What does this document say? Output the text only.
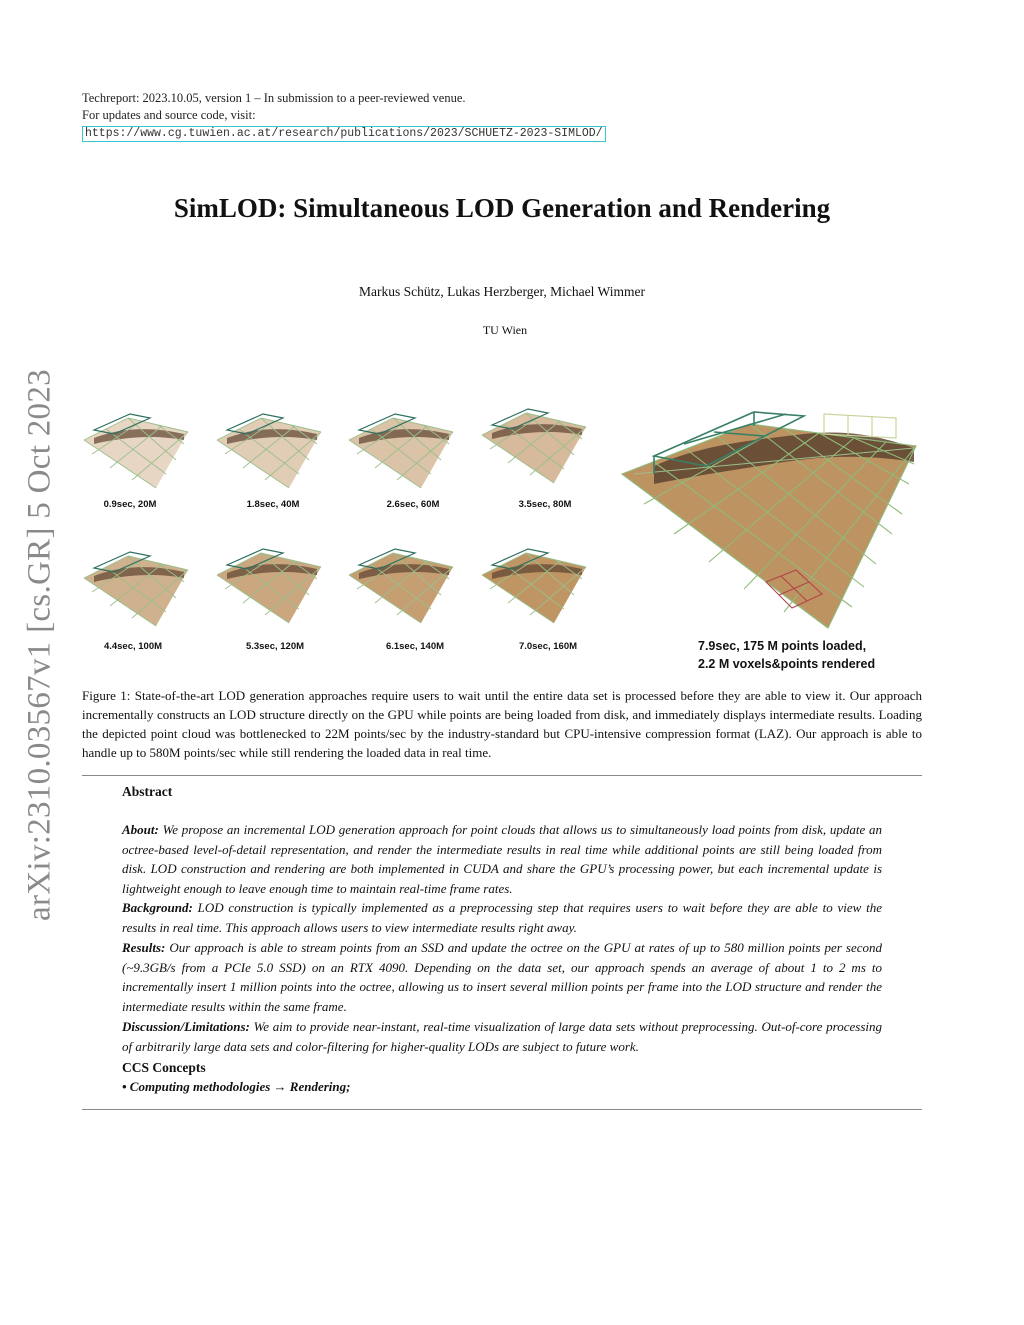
Techreport: 2023.10.05, version 1 – In submission to a peer-reviewed venue.
For updates and source code, visit:
https://www.cg.tuwien.ac.at/research/publications/2023/SCHUETZ-2023-SIMLOD/
arXiv:2310.03567v1 [cs.GR] 5 Oct 2023
SimLOD: Simultaneous LOD Generation and Rendering
Markus Schütz, Lukas Herzberger, Michael Wimmer
TU Wien
0.9sec, 20M	1.8sec, 40M	2.6sec, 60M	3.5sec, 80M
4.4sec, 100M	5.3sec, 120M	6.1sec, 140M	7.0sec, 160M	7.9sec, 175 M points loaded,
2.2 M voxels&points rendered
Figure 1: State-of-the-art LOD generation approaches require users to wait until the entire data set is processed before they are able to view it. Our approach incrementally constructs an LOD structure directly on the GPU while points are being loaded from disk, and immediately displays intermediate results. Loading the depicted point cloud was bottlenecked to 22M points/sec by the industry-standard but CPU-intensive compression format (LAZ). Our approach is able to handle up to 580M points/sec while still rendering the loaded data in real time.
Abstract
About: We propose an incremental LOD generation approach for point clouds that allows us to simultaneously load points from disk, update an octree-based level-of-detail representation, and render the intermediate results in real time while additional points are still being loaded from disk. LOD construction and rendering are both implemented in CUDA and share the GPU’s processing power, but each incremental update is lightweight enough to leave enough time to maintain real-time frame rates.
Background: LOD construction is typically implemented as a preprocessing step that requires users to wait before they are able to view the results in real time. This approach allows users to view intermediate results right away.
Results: Our approach is able to stream points from an SSD and update the octree on the GPU at rates of up to 580 million points per second (~9.3GB/s from a PCIe 5.0 SSD) on an RTX 4090. Depending on the data set, our approach spends an average of about 1 to 2 ms to incrementally insert 1 million points into the octree, allowing us to insert several million points per frame into the LOD structure and render the intermediate results within the same frame.
Discussion/Limitations: We aim to provide near-instant, real-time visualization of large data sets without preprocessing. Out-of-core processing of arbitrarily large data sets and color-filtering for higher-quality LODs are subject to future work.
CCS Concepts
• Computing methodologies → Rendering;
